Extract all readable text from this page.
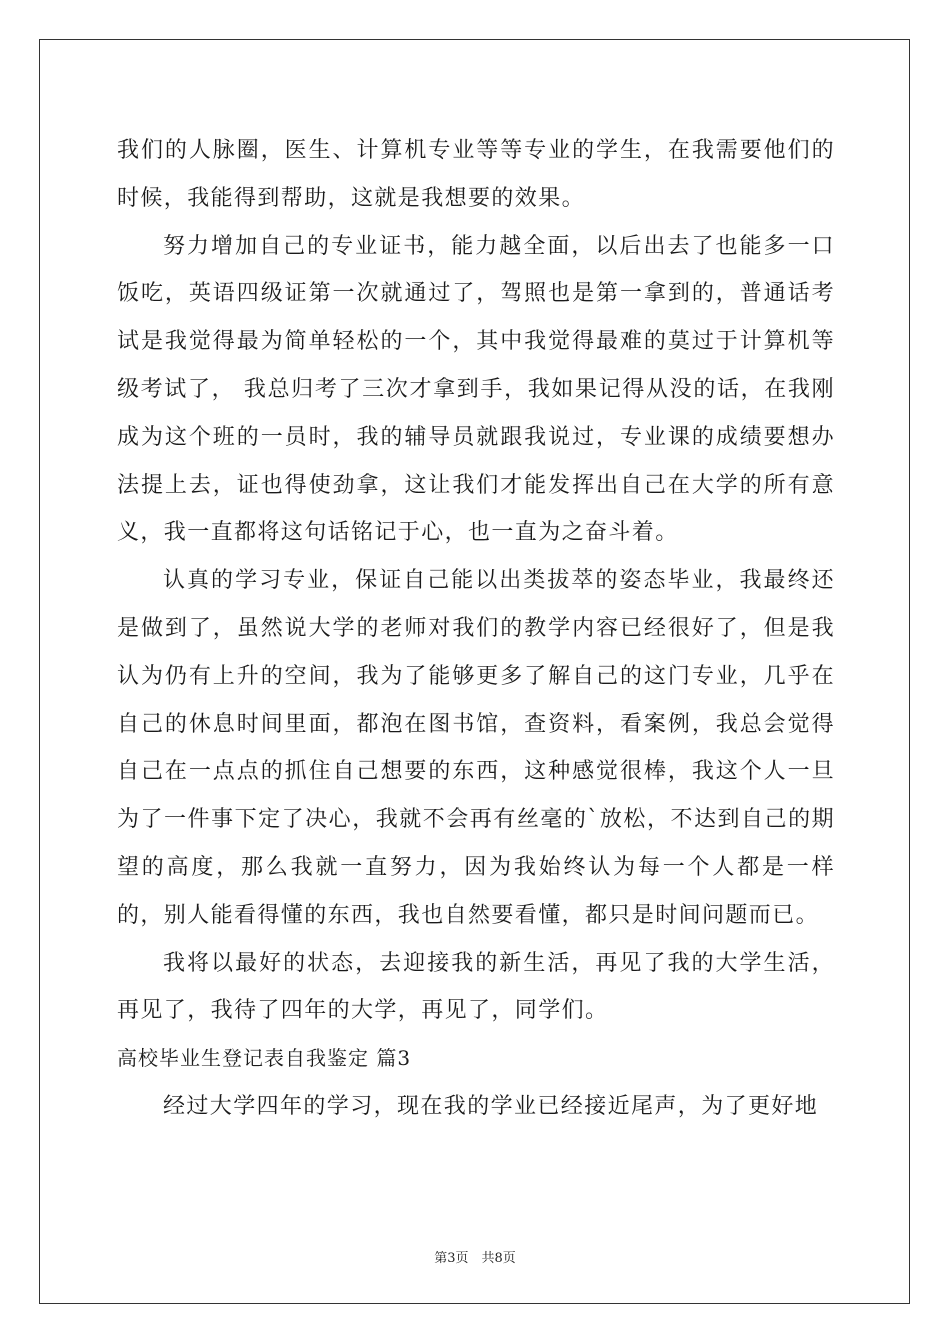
我们的人脉圈，医生、计算机专业等等专业的学生，在我需要他们的时候，我能得到帮助，这就是我想要的效果。

努力增加自己的专业证书，能力越全面，以后出去了也能多一口饭吃，英语四级证第一次就通过了，驾照也是第一拿到的，普通话考试是我觉得最为简单轻松的一个，其中我觉得最难的莫过于计算机等级考试了， 我总归考了三次才拿到手，我如果记得从没的话，在我刚成为这个班的一员时，我的辅导员就跟我说过，专业课的成绩要想办法提上去，证也得使劲拿，这让我们才能发挥出自己在大学的所有意义，我一直都将这句话铭记于心，也一直为之奋斗着。

认真的学习专业，保证自己能以出类拔萃的姿态毕业，我最终还是做到了，虽然说大学的老师对我们的教学内容已经很好了，但是我认为仍有上升的空间，我为了能够更多了解自己的这门专业，几乎在自己的休息时间里面，都泡在图书馆，查资料，看案例，我总会觉得自己在一点点的抓住自己想要的东西，这种感觉很棒，我这个人一旦为了一件事下定了决心，我就不会再有丝毫的`放松，不达到自己的期望的高度，那么我就一直努力，因为我始终认为每一个人都是一样的，别人能看得懂的东西，我也自然要看懂，都只是时间问题而已。

我将以最好的状态，去迎接我的新生活，再见了我的大学生活，再见了，我待了四年的大学，再见了，同学们。

高校毕业生登记表自我鉴定 篇3

经过大学四年的学习，现在我的学业已经接近尾声，为了更好地

第3页　共8页
